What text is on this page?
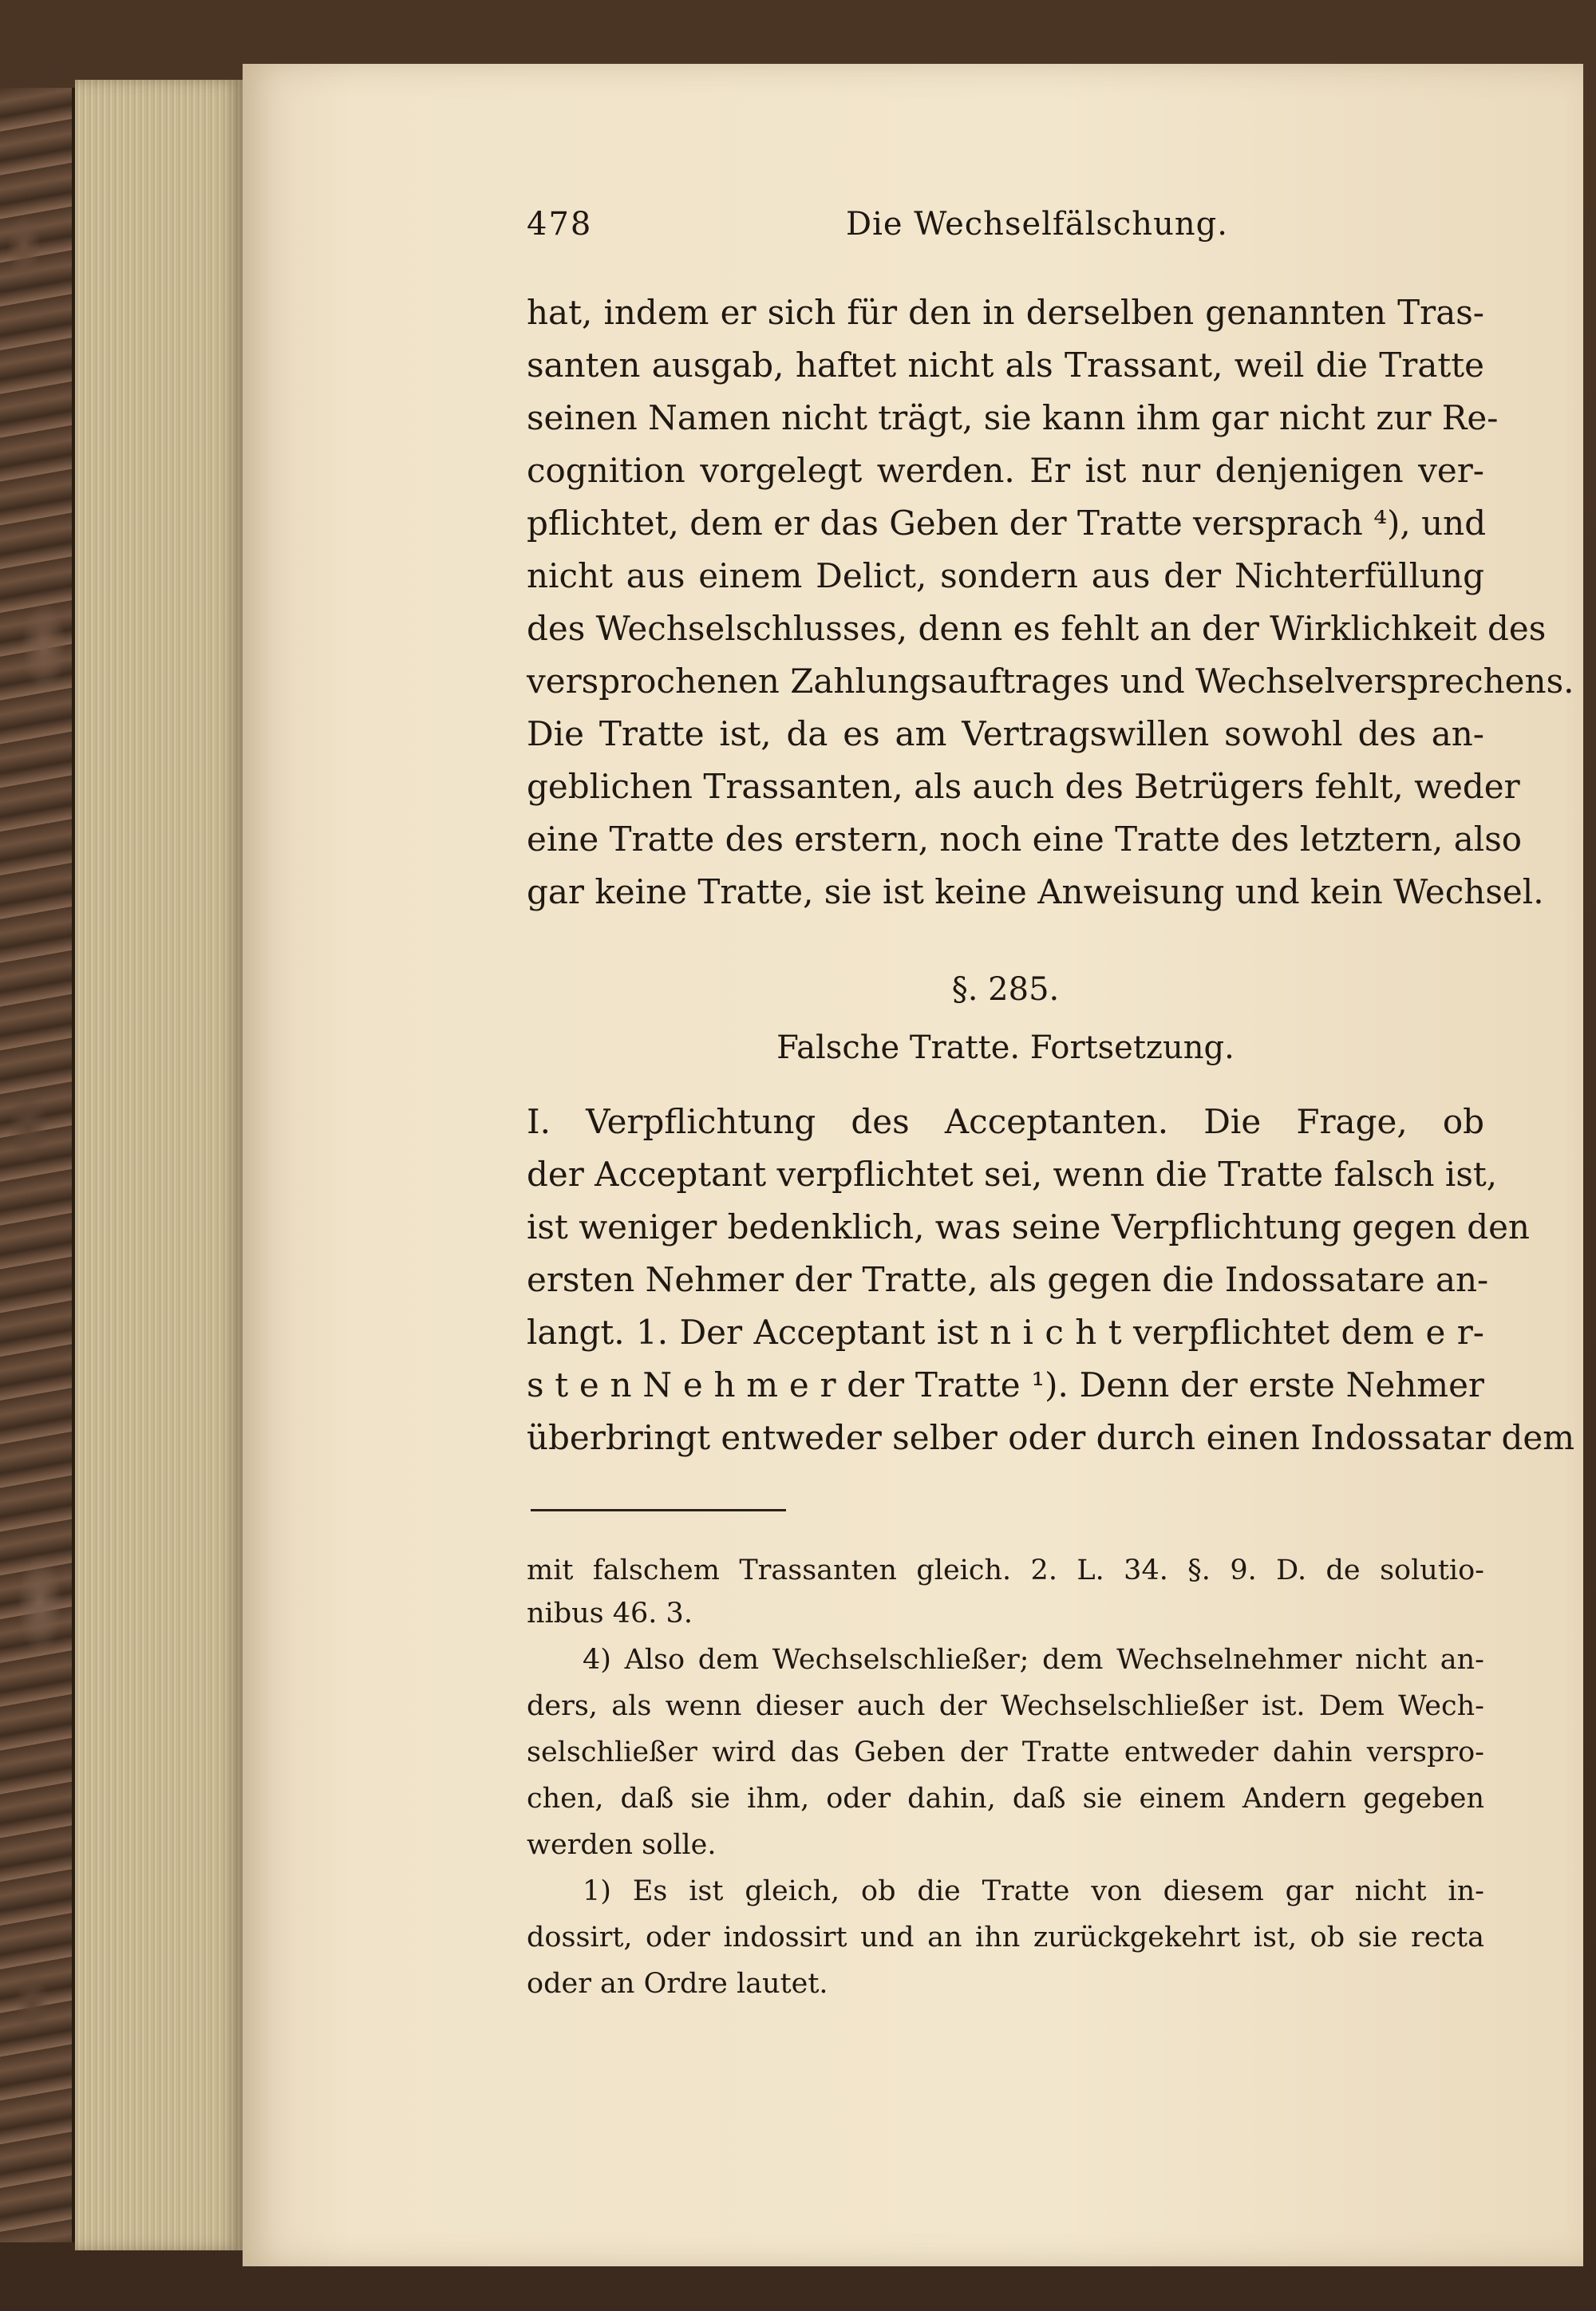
478	Die Wechselfälschung.
hat, indem er sich für den in derselben genannten Tras-
santen ausgab, haftet nicht als Trassant, weil die Tratte
seinen Namen nicht trägt, sie kann ihm gar nicht zur Re-
cognition vorgelegt werden. Er ist nur denjenigen ver-
pflichtet, dem er das Geben der Tratte versprach ⁴), und
nicht aus einem Delict, sondern aus der Nichterfüllung
des Wechselschlusses, denn es fehlt an der Wirklichkeit des
versprochenen Zahlungsauftrages und Wechselversprechens.
Die Tratte ist, da es am Vertragswillen sowohl des an-
geblichen Trassanten, als auch des Betrügers fehlt, weder
eine Tratte des erstern, noch eine Tratte des letztern, also
gar keine Tratte, sie ist keine Anweisung und kein Wechsel.
§. 285.
Falsche Tratte. Fortsetzung.
I. Verpflichtung des Acceptanten. Die Frage, ob
der Acceptant verpflichtet sei, wenn die Tratte falsch ist,
ist weniger bedenklich, was seine Verpflichtung gegen den
ersten Nehmer der Tratte, als gegen die Indossatare an-
langt. 1. Der Acceptant ist n i c h t verpflichtet dem e r-
s t e n N e h m e r der Tratte ¹). Denn der erste Nehmer
überbringt entweder selber oder durch einen Indossatar dem
mit falschem Trassanten gleich. 2. L. 34. §. 9. D. de solutio-
nibus 46. 3.
4) Also dem Wechselschließer; dem Wechselnehmer nicht an-
ders, als wenn dieser auch der Wechselschließer ist. Dem Wech-
selschließer wird das Geben der Tratte entweder dahin verspro-
chen, daß sie ihm, oder dahin, daß sie einem Andern gegeben
werden solle.
1) Es ist gleich, ob die Tratte von diesem gar nicht in-
dossirt, oder indossirt und an ihn zurückgekehrt ist, ob sie recta
oder an Ordre lautet.
